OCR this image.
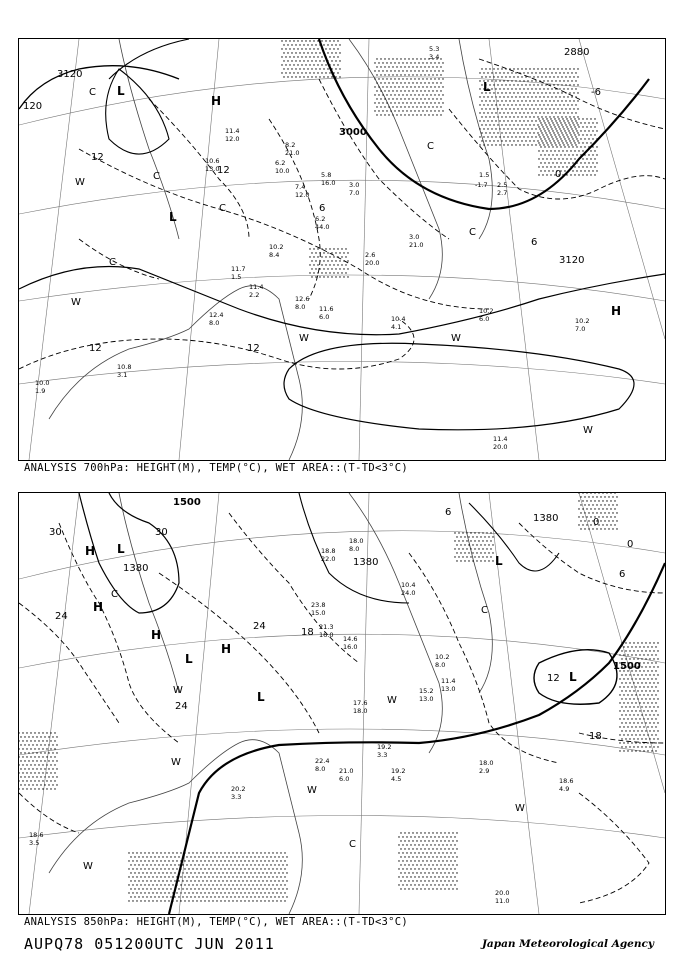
2880
3000
3120
3120
120
12
12
12	12
6
6
0
-6
L
L
L
H
H
W
W
W	W
W
C
C
C
C
C
C
10.6
13.0
11.4
12.0
6.2
10.0
8.2
21.0
7.4
12.0
5.8
16.0 3.0
7.0
10.2
8.4
6.2
44.0
3.0
21.0
2.6
20.0
11.7
1.5
11.4
2.2	12.6
8.0
12.4
8.0
11.6
6.0	10.4
4.1
10.2
6.0	10.2
7.0
11.4
20.0
10.8
3.1
10.0
1.9
5.3
3.4
1.5
2.5
-1.7
2.7
ANALYSIS 700hPa: HEIGHT(M), TEMP(°C), WET AREA::(T-TD<3°C)
1500
1380
1380
1380
1500
30	30
24
24
24
18
18
12
6
0
6
0
L
L
L
L
L
H
H
H
H
W
W
W
W
W
W
C
C
C
18.8
22.0
23.8
15.0
21.3
16.0 14.6
16.0
17.6
18.0
15.2
13.0
11.4
13.0
10.2
8.0
18.0
2.9
19.2
4.5
22.4
8.0 21.0
6.0
20.2
3.3
18.6
3.5
20.0
11.0
18.6
4.9
19.2
3.3
10.4
24.0
18.0
8.0
ANALYSIS 850hPa: HEIGHT(M), TEMP(°C), WET AREA::(T-TD<3°C)
AUPQ78 051200UTC JUN 2011	Japan Meteorological Agency
